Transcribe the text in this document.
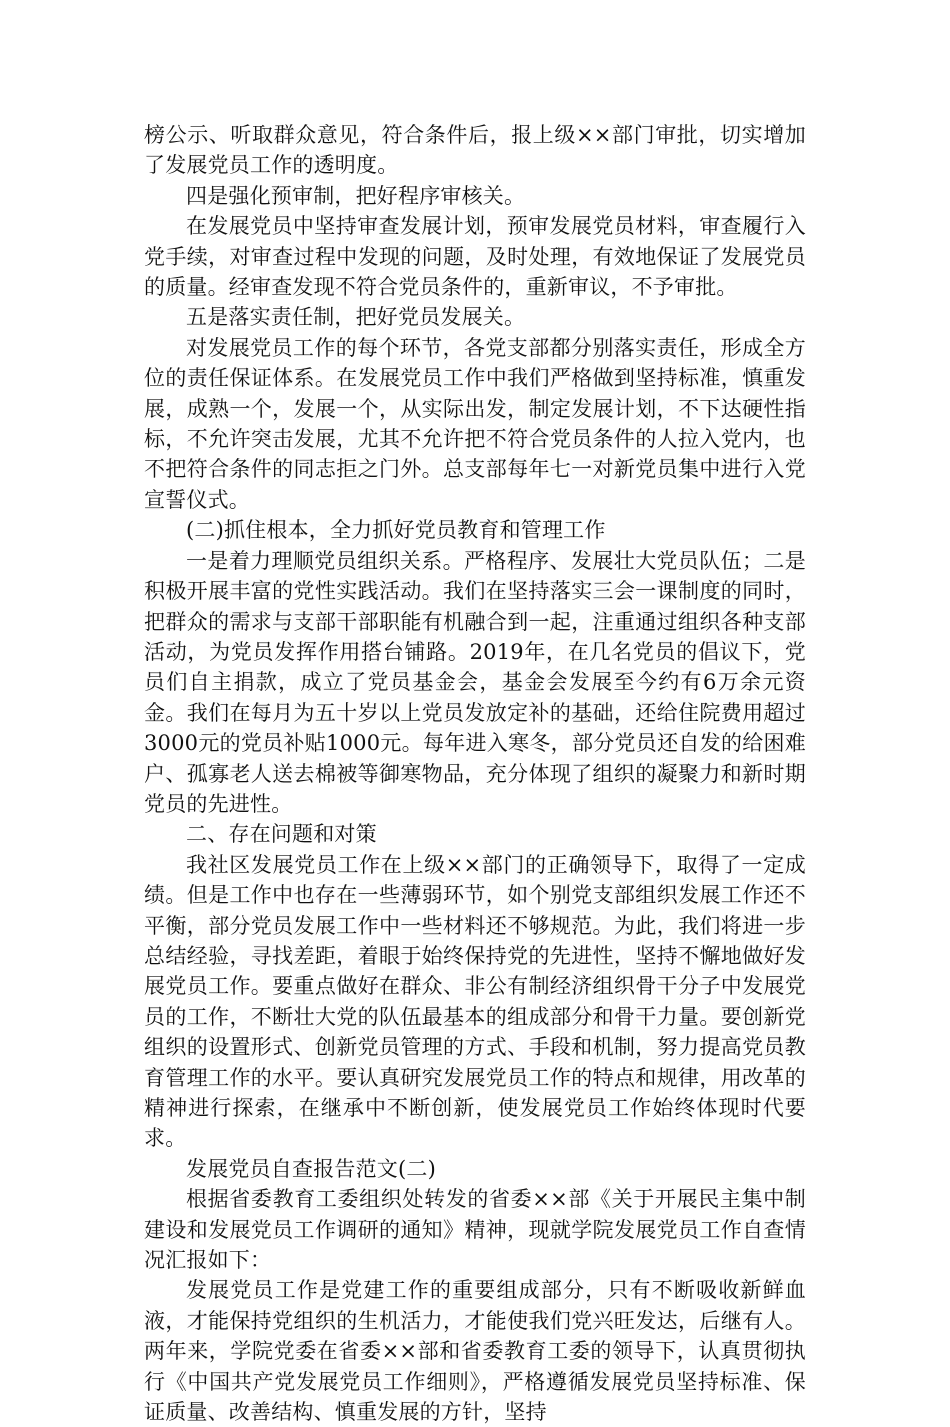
榜公示、听取群众意见，符合条件后，报上级××部门审批，切实增加了发展党员工作的透明度。

四是强化预审制，把好程序审核关。

在发展党员中坚持审查发展计划，预审发展党员材料，审查履行入党手续，对审查过程中发现的问题，及时处理，有效地保证了发展党员的质量。经审查发现不符合党员条件的，重新审议，不予审批。

五是落实责任制，把好党员发展关。

对发展党员工作的每个环节，各党支部都分别落实责任，形成全方位的责任保证体系。在发展党员工作中我们严格做到坚持标准，慎重发展，成熟一个，发展一个，从实际出发，制定发展计划，不下达硬性指标，不允许突击发展，尤其不允许把不符合党员条件的人拉入党内，也不把符合条件的同志拒之门外。总支部每年七一对新党员集中进行入党宣誓仪式。

(二)抓住根本，全力抓好党员教育和管理工作

一是着力理顺党员组织关系。严格程序、发展壮大党员队伍；二是积极开展丰富的党性实践活动。我们在坚持落实三会一课制度的同时，把群众的需求与支部干部职能有机融合到一起，注重通过组织各种支部活动，为党员发挥作用搭台铺路。2019年，在几名党员的倡议下，党员们自主捐款，成立了党员基金会，基金会发展至今约有6万余元资金。我们在每月为五十岁以上党员发放定补的基础，还给住院费用超过3000元的党员补贴1000元。每年进入寒冬，部分党员还自发的给困难户、孤寡老人送去棉被等御寒物品，充分体现了组织的凝聚力和新时期党员的先进性。

二、存在问题和对策

我社区发展党员工作在上级××部门的正确领导下，取得了一定成绩。但是工作中也存在一些薄弱环节，如个别党支部组织发展工作还不平衡，部分党员发展工作中一些材料还不够规范。为此，我们将进一步总结经验，寻找差距，着眼于始终保持党的先进性，坚持不懈地做好发展党员工作。要重点做好在群众、非公有制经济组织骨干分子中发展党员的工作，不断壮大党的队伍最基本的组成部分和骨干力量。要创新党组织的设置形式、创新党员管理的方式、手段和机制，努力提高党员教育管理工作的水平。要认真研究发展党员工作的特点和规律，用改革的精神进行探索，在继承中不断创新，使发展党员工作始终体现时代要求。

发展党员自查报告范文(二)

根据省委教育工委组织处转发的省委××部《关于开展民主集中制建设和发展党员工作调研的通知》精神，现就学院发展党员工作自查情况汇报如下：

发展党员工作是党建工作的重要组成部分，只有不断吸收新鲜血液，才能保持党组织的生机活力，才能使我们党兴旺发达，后继有人。两年来，学院党委在省委××部和省委教育工委的领导下，认真贯彻执行《中国共产党发展党员工作细则》，严格遵循发展党员坚持标准、保证质量、改善结构、慎重发展的方针，坚持
